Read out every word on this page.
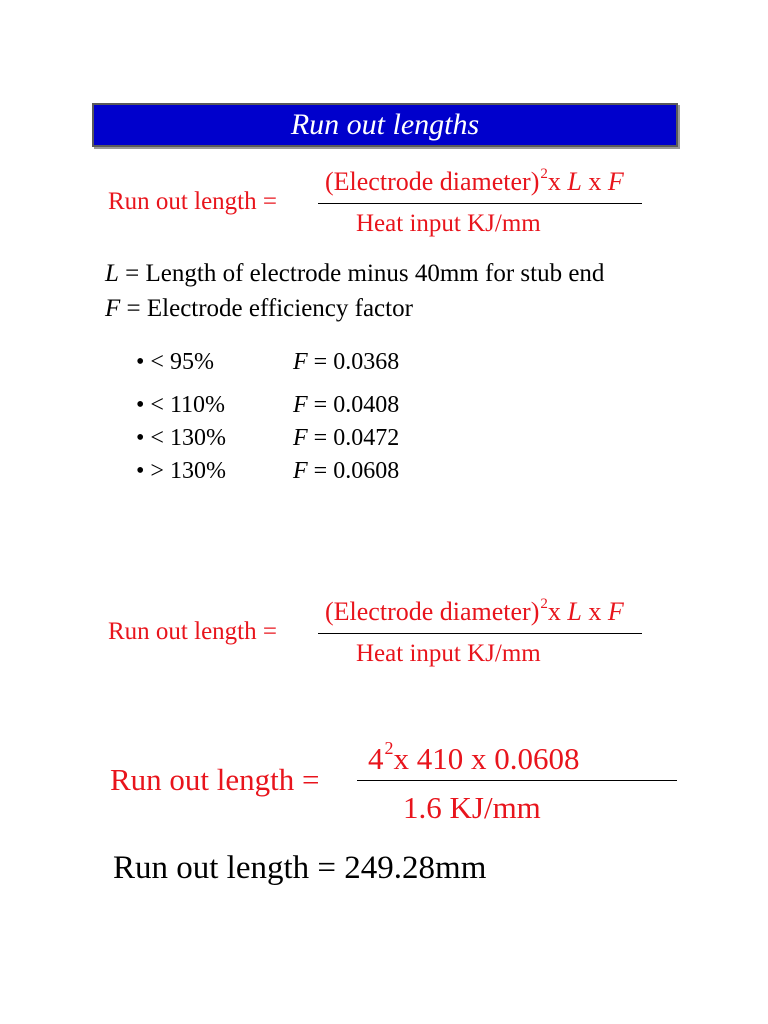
Run out lengths
Run out length =
(Electrode diameter)$^2$x L x F
Heat input KJ/mm
L = Length of electrode minus 40mm for stub end
F = Electrode efficiency factor
• < 95%	F = 0.0368
• < 110%	F = 0.0408
• < 130%	F = 0.0472
• > 130%	F = 0.0608
Run out length =
(Electrode diameter)$^2$x L x F
Heat input KJ/mm
Run out length =
$4^2x$ 410 x 0.0608
1.6 KJ/mm
Run out length = 249.28mm
